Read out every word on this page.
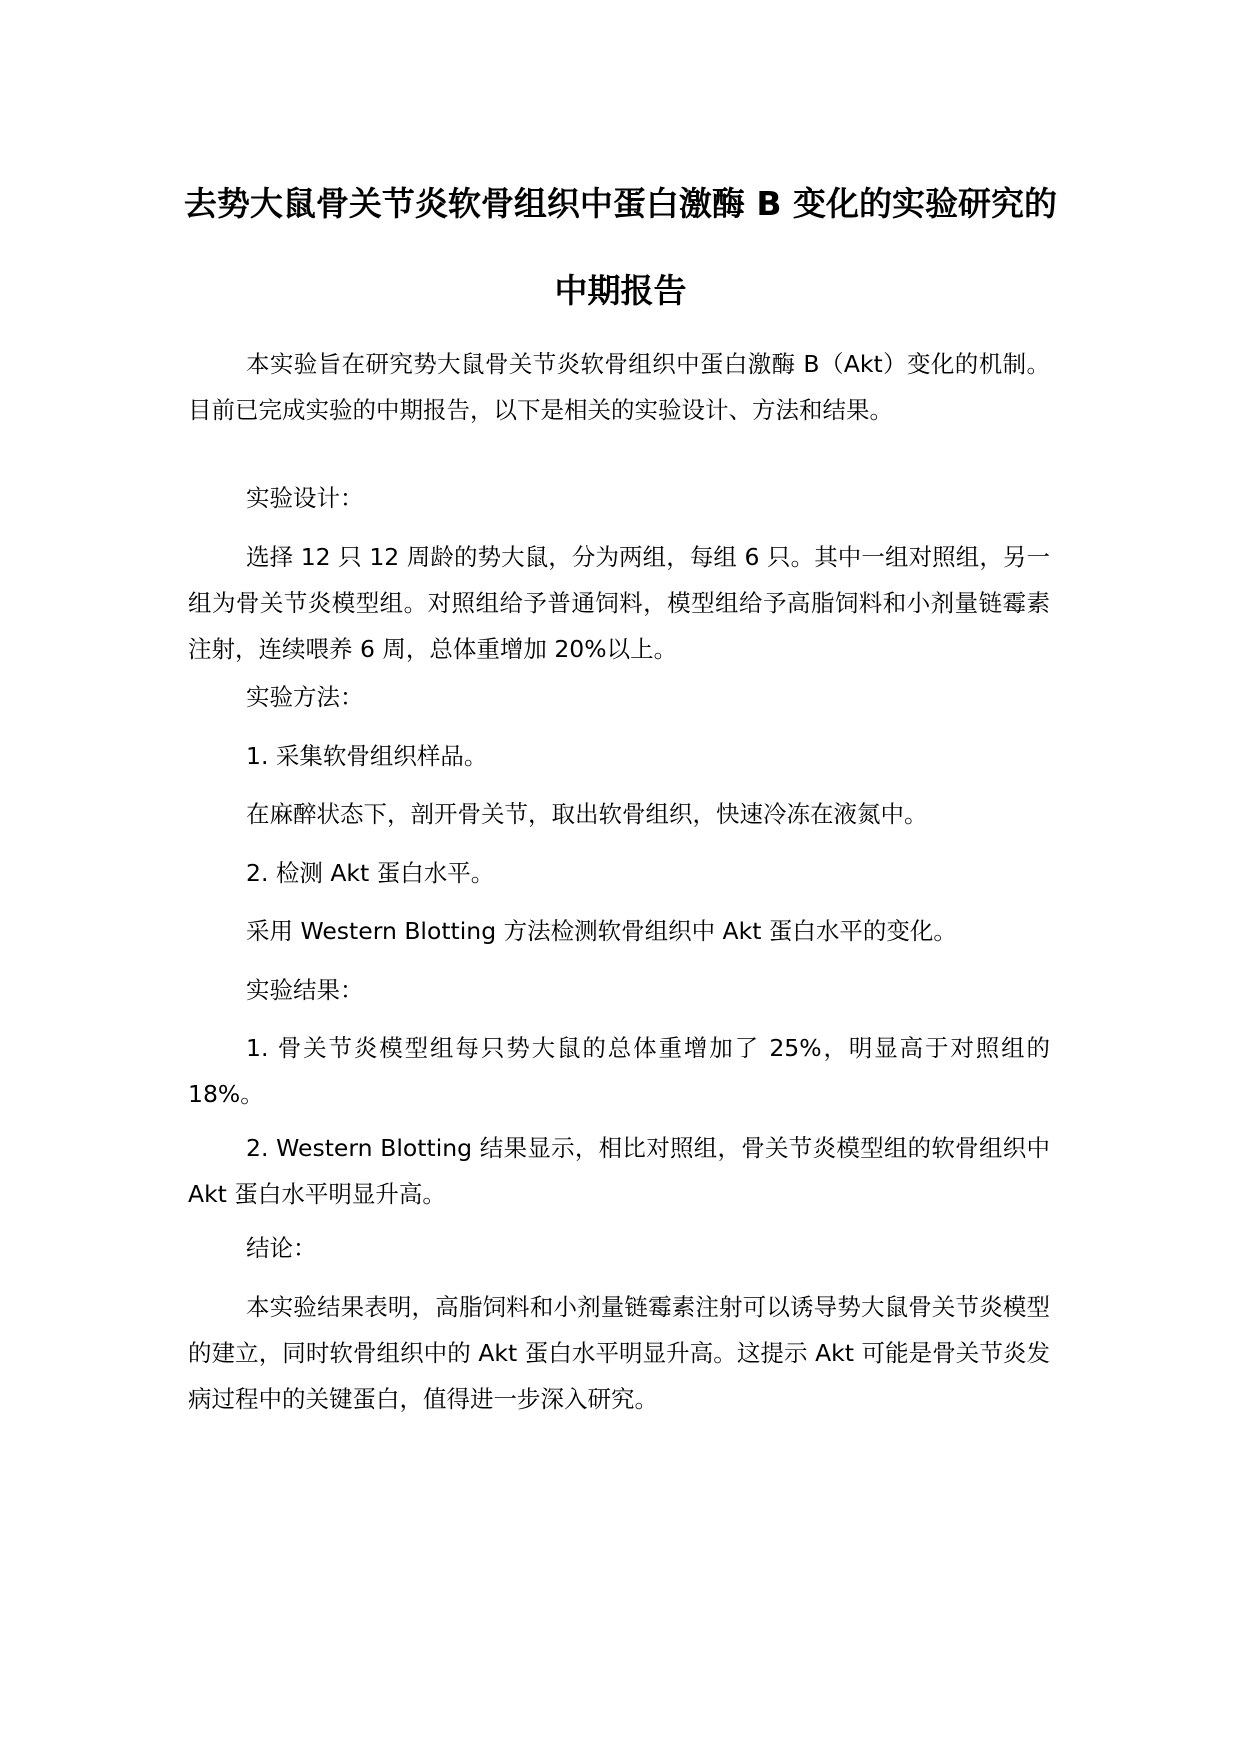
去势大鼠骨关节炎软骨组织中蛋白激酶 B 变化的实验研究的中期报告

本实验旨在研究势大鼠骨关节炎软骨组织中蛋白激酶 B（Akt）变化的机制。目前已完成实验的中期报告，以下是相关的实验设计、方法和结果。

实验设计：

选择 12 只 12 周龄的势大鼠，分为两组，每组 6 只。其中一组对照组，另一组为骨关节炎模型组。对照组给予普通饲料，模型组给予高脂饲料和小剂量链霉素注射，连续喂养 6 周，总体重增加 20%以上。

实验方法：

1. 采集软骨组织样品。

在麻醉状态下，剖开骨关节，取出软骨组织，快速冷冻在液氮中。

2. 检测 Akt 蛋白水平。

采用 Western Blotting 方法检测软骨组织中 Akt 蛋白水平的变化。

实验结果：

1. 骨关节炎模型组每只势大鼠的总体重增加了 25%，明显高于对照组的 18%。

2. Western Blotting 结果显示，相比对照组，骨关节炎模型组的软骨组织中 Akt 蛋白水平明显升高。

结论：

本实验结果表明，高脂饲料和小剂量链霉素注射可以诱导势大鼠骨关节炎模型的建立，同时软骨组织中的 Akt 蛋白水平明显升高。这提示 Akt 可能是骨关节炎发病过程中的关键蛋白，值得进一步深入研究。
